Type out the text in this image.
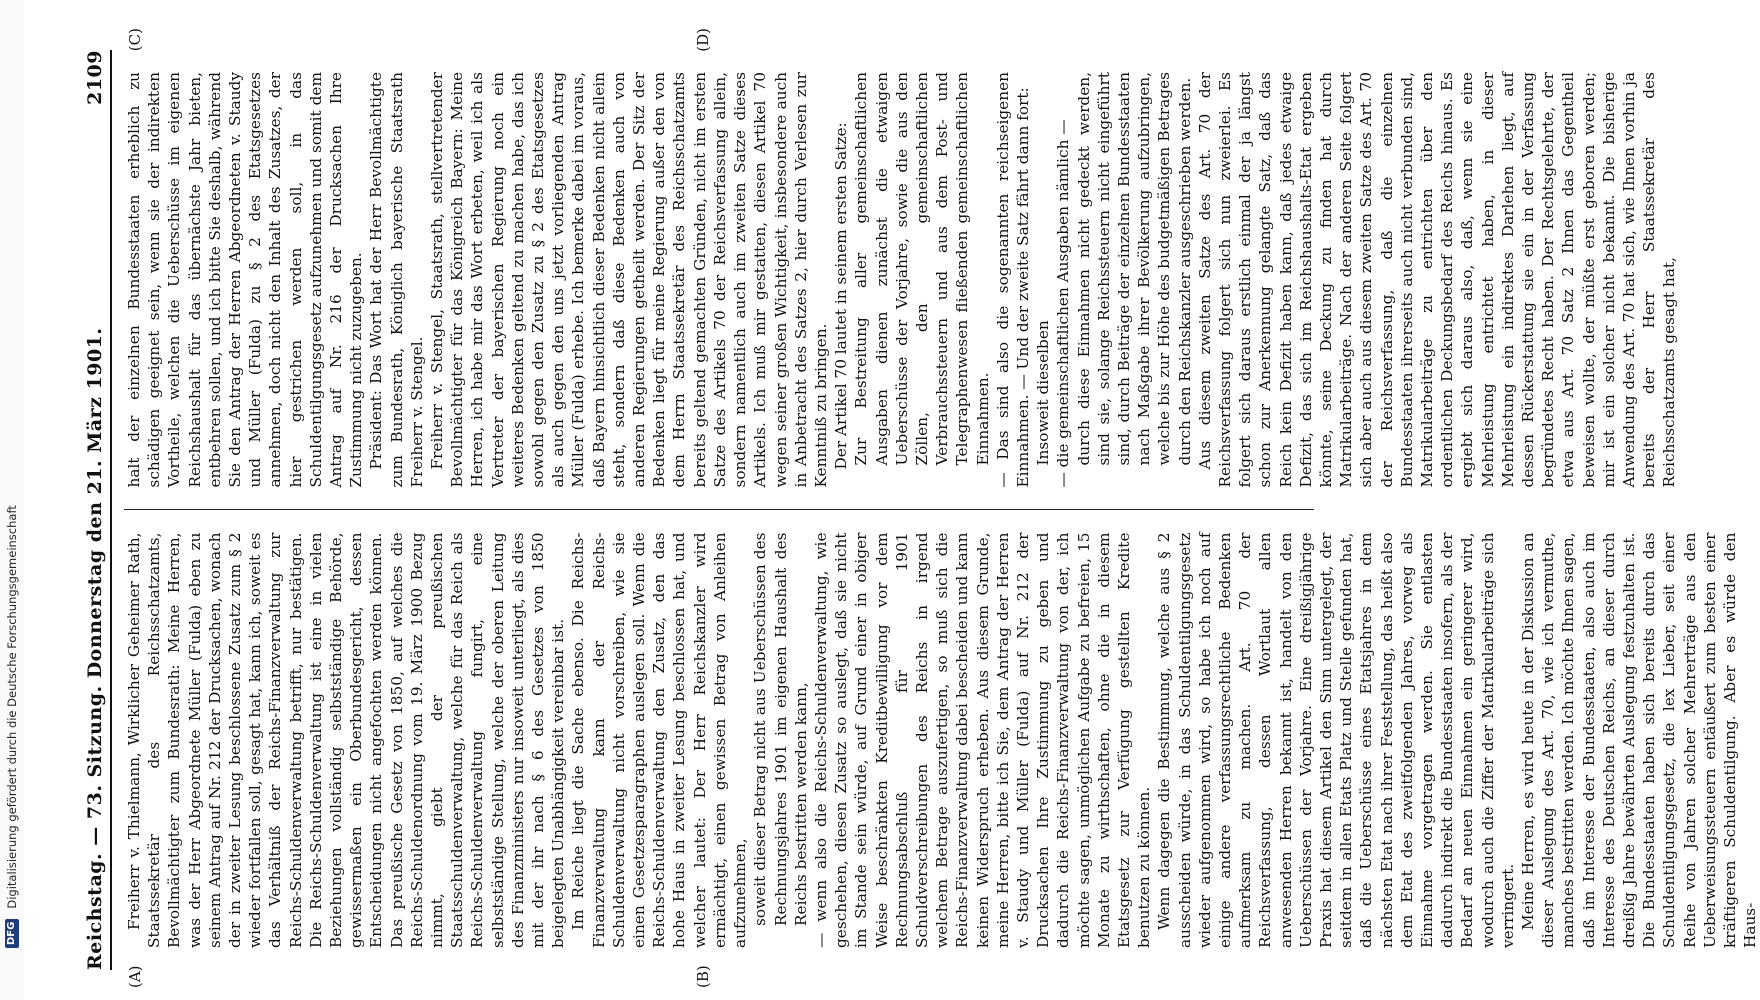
DFG
Digitalisierung gefördert durch die Deutsche Forschungsgemeinschaft	Reichstag. — 73. Sitzung. Donnerstag den 21. März 1901.
2109
(A)	(B)
(C)	(D)

Freiherr v. Thielmann, Wirklicher Geheimer Rath, Staatssekretär des Reichsschatzamts, Bevollmächtigter zum Bundesrath: Meine Herren, was der Herr Abgeordnete Müller (Fulda) eben zu seinem Antrag auf Nr. 212 der Drucksachen, wonach der in zweiter Lesung beschlossene Zusatz zum § 2 wieder fortfallen soll, gesagt hat, kann ich, soweit es das Verhältniß der Reichs-Finanzverwaltung zur Reichs-Schuldenverwaltung betrifft, nur bestätigen. Die Reichs-Schuldenverwaltung ist eine in vielen Beziehungen vollständig selbstständige Behörde, gewissermaßen ein Oberbundesgericht, dessen Entscheidungen nicht angefochten werden können. Das preußische Gesetz von 1850, auf welches die Reichs-Schuldenordnung vom 19. März 1900 Bezug nimmt, giebt der preußischen Staatsschuldenverwaltung, welche für das Reich als Reichs-Schuldenverwaltung fungirt, eine selbstständige Stellung, welche der oberen Leitung des Finanzministers nur insoweit unterliegt, als dies mit der ihr nach § 6 des Gesetzes von 1850 beigelegten Unabhängigkeit vereinbar ist. Im Reiche liegt die Sache ebenso. Die Reichs-Finanzverwaltung kann der Reichs-Schuldenverwaltung nicht vorschreiben, wie sie einen Gesetzesparagraphen auslegen soll. Wenn die Reichs-Schuldenverwaltung den Zusatz, den das hohe Haus in zweiter Lesung beschlossen hat, und welcher lautet: Der Herr Reichskanzler wird ermächtigt, einen gewissen Betrag von Anleihen aufzunehmen, soweit dieser Betrag nicht aus Ueberschüssen des Rechnungsjahres 1901 im eigenen Haushalt des Reichs bestritten werden kann, — wenn also die Reichs-Schuldenverwaltung, wie geschehen, diesen Zusatz so auslegt, daß sie nicht im Stande sein würde, auf Grund einer in obiger Weise beschränkten Kreditbewilligung vor dem Rechnungsabschluß für 1901 Schuldverschreibungen des Reichs in irgend welchem Betrage auszufertigen, so muß sich die Reichs-Finanzverwaltung dabei bescheiden und kann keinen Widerspruch erheben. Aus diesem Grunde, meine Herren, bitte ich Sie, dem Antrag der Herren v. Staudy und Müller (Fulda) auf Nr. 212 der Drucksachen Ihre Zustimmung zu geben und dadurch die Reichs-Finanzverwaltung von der, ich möchte sagen, unmöglichen Aufgabe zu befreien, 15 Monate zu wirthschaften, ohne die in diesem Etatsgesetz zur Verfügung gestellten Kredite benutzen zu können. Wenn dagegen die Bestimmung, welche aus § 2 ausscheiden würde, in das Schuldentilgungsgesetz wieder aufgenommen wird, so habe ich noch auf einige andere verfassungsrechtliche Bedenken aufmerksam zu machen. Art. 70 der Reichsverfassung, dessen Wortlaut allen anwesenden Herren bekannt ist, handelt von den Ueberschüssen der Vorjahre. Eine dreißigjährige Praxis hat diesem Artikel den Sinn untergelegt, der seitdem in allen Etats Platz und Stelle gefunden hat, daß die Ueberschüsse eines Etatsjahres in dem nächsten Etat nach ihrer Feststellung, das heißt also dem Etat des zweitfolgenden Jahres, vorweg als Einnahme vorgetragen werden. Sie entlasten dadurch indirekt die Bundesstaaten insofern, als der Bedarf an neuen Einnahmen ein geringerer wird, wodurch auch die Ziffer der Matrikularbeiträge sich verringert. Meine Herren, es wird heute in der Diskussion an dieser Auslegung des Art. 70, wie ich vermuthe, manches bestritten werden. Ich möchte Ihnen sagen, daß im Interesse der Bundesstaaten, also auch im Interesse des Deutschen Reichs, an dieser durch dreißig Jahre bewährten Auslegung festzuhalten ist. Die Bundesstaaten haben sich bereits durch das Schuldentilgungsgesetz, die lex Lieber, seit einer Reihe von Jahren solcher Mehrerträge aus den Ueberweisungssteuern entäußert zum besten einer kräftigeren Schuldentilgung. Aber es würde den Haus-

halt der einzelnen Bundesstaaten erheblich zu schädigen geeignet sein, wenn sie der indirekten Vortheile, welchen die Ueberschüsse im eigenen Reichshaushalt für das übernächste Jahr bieten, entbehren sollen, und ich bitte Sie deshalb, während Sie den Antrag der Herren Abgeordneten v. Staudy und Müller (Fulda) zu § 2 des Etatsgesetzes annehmen, doch nicht den Inhalt des Zusatzes, der hier gestrichen werden soll, in das Schuldentilgungsgesetz aufzunehmen und somit dem Antrag auf Nr. 216 der Drucksachen Ihre Zustimmung nicht zuzugeben. Präsident: Das Wort hat der Herr Bevollmächtigte zum Bundesrath, Königlich bayerische Staatsrath Freiherr v. Stengel. Freiherr v. Stengel, Staatsrath, stellvertretender Bevollmächtigter für das Königreich Bayern: Meine Herren, ich habe mir das Wort erbeten, weil ich als Vertreter der bayerischen Regierung noch ein weiteres Bedenken geltend zu machen habe, das ich sowohl gegen den Zusatz zu § 2 des Etatsgesetzes als auch gegen den uns jetzt vorliegenden Antrag Müller (Fulda) erhebe. Ich bemerke dabei im voraus, daß Bayern hinsichtlich dieser Bedenken nicht allein steht, sondern daß diese Bedenken auch von anderen Regierungen getheilt werden. Der Sitz der Bedenken liegt für meine Regierung außer den von dem Herrn Staatssekretär des Reichsschatzamts bereits geltend gemachten Gründen, nicht im ersten Satze des Artikels 70 der Reichsverfassung allein, sondern namentlich auch im zweiten Satze dieses Artikels. Ich muß mir gestatten, diesen Artikel 70 wegen seiner großen Wichtigkeit, insbesondere auch in Anbetracht des Satzes 2, hier durch Verlesen zur Kenntniß zu bringen. Der Artikel 70 lautet in seinem ersten Satze: Zur Bestreitung aller gemeinschaftlichen Ausgaben dienen zunächst die etwaigen Ueberschüsse der Vorjahre, sowie die aus den Zöllen, den gemeinschaftlichen Verbrauchssteuern und aus dem Post- und Telegraphenwesen fließenden gemeinschaftlichen Einnahmen. — Das sind also die sogenannten reichseigenen Einnahmen. — Und der zweite Satz fährt dann fort: Insoweit dieselben — die gemeinschaftlichen Ausgaben nämlich — durch diese Einnahmen nicht gedeckt werden, sind sie, solange Reichssteuern nicht eingeführt sind, durch Beiträge der einzelnen Bundesstaaten nach Maßgabe ihrer Bevölkerung aufzubringen, welche bis zur Höhe des budgetmäßigen Betrages durch den Reichskanzler ausgeschrieben werden. Aus diesem zweiten Satze des Art. 70 der Reichsverfassung folgert sich nun zweierlei. Es folgert sich daraus erstlich einmal der ja längst schon zur Anerkennung gelangte Satz, daß das Reich kein Defizit haben kann, daß jedes etwaige Defizit, das sich im Reichshaushalts-Etat ergeben könnte, seine Deckung zu finden hat durch Matrikularbeiträge. Nach der anderen Seite folgert sich aber auch aus diesem zweiten Satze des Art. 70 der Reichsverfassung, daß die einzelnen Bundesstaaten ihrerseits auch nicht verbunden sind, Matrikularbeiträge zu entrichten über den ordentlichen Deckungsbedarf des Reichs hinaus. Es ergiebt sich daraus also, daß, wenn sie eine Mehrleistung entrichtet haben, in dieser Mehrleistung ein indirektes Darlehen liegt, auf dessen Rückerstattung sie ein in der Verfassung begründetes Recht haben. Der Rechtsgelehrte, der etwa aus Art. 70 Satz 2 Ihnen das Gegentheil beweisen wollte, der müßte erst geboren werden; mir ist ein solcher nicht bekannt. Die bisherige Anwendung des Art. 70 hat sich, wie Ihnen vorhin ja bereits der Herr Staatssekretär des Reichsschatzamts gesagt hat,
